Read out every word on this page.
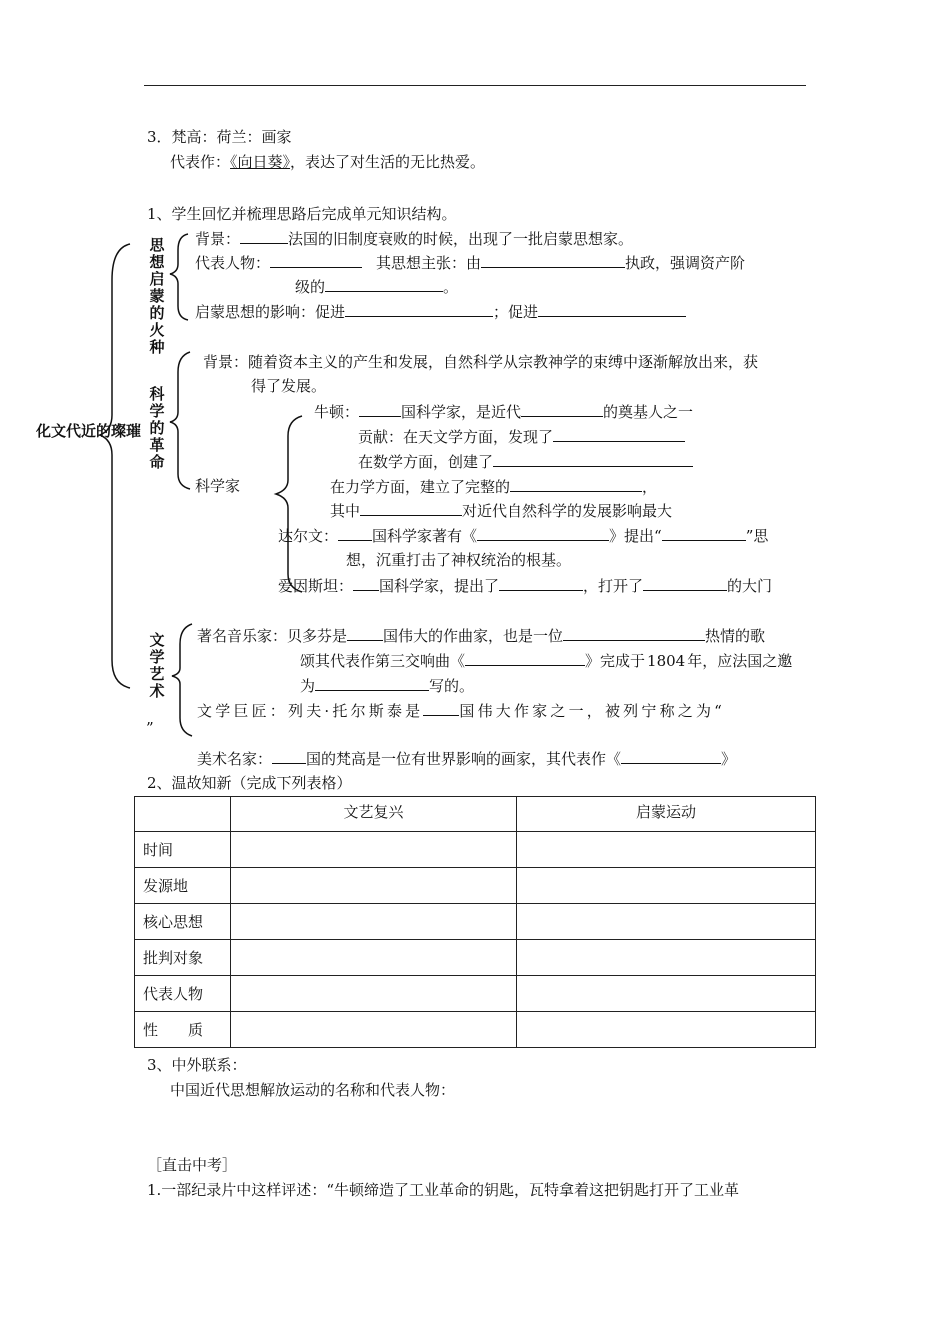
3．梵高：荷兰：画家
代表作：《向日葵》，表达了对生活的无比热爱。
1、学生回忆并梳理思路后完成单元知识结构。
化文代近的璨璀
思想启蒙的火种
背景：	法国的旧制度衰败的时候，出现了一批启蒙思想家。
代表人物：	其思想主张：由	执政，强调资产阶
级的	。
启蒙思想的影响：促进	；促进
科学的革命
背景：随着资本主义的产生和发展，自然科学从宗教神学的束缚中逐渐解放出来，获
得了发展。
科学家
牛顿：	国科学家，是近代	的奠基人之一
贡献：在天文学方面，发现了
在数学方面，创建了
在力学方面，建立了完整的	，
其中	对近代自然科学的发展影响最大
达尔文： 国科学家著有《	》提出“	”思
想，沉重打击了神权统治的根基。
爱因斯坦： 国科学家，提出了	，打开了	的大门
文学艺术
”
著名音乐家：贝多芬是 国伟大的作曲家，也是一位	热情的歌
颂其代表作第三交响曲《	》完成于 1804 年，应法国之邀
为	写的。
文学巨匠：列夫·托尔斯泰是 国伟大作家之一，被列宁称之为“
美术名家： 国的梵高是一位有世界影响的画家，其代表作《	》
2、温故知新（完成下列表格）
	文艺复兴	启蒙运动
时间		
发源地		
核心思想		
批判对象		
代表人物		
性　　质		
3、中外联系：
中国近代思想解放运动的名称和代表人物：
［直击中考］
1.一部纪录片中这样评述：“牛顿缔造了工业革命的钥匙，瓦特拿着这把钥匙打开了工业革
